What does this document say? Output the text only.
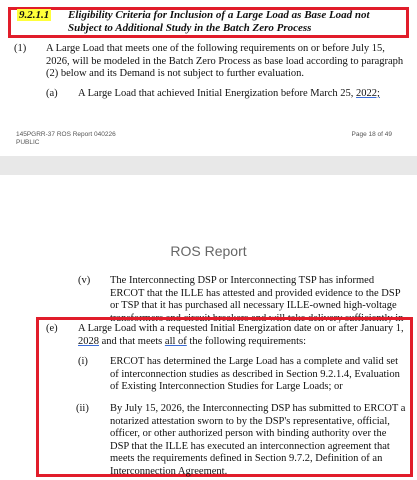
9.2.1.1 Eligibility Criteria for Inclusion of a Large Load as Base Load not Subject to Additional Study in the Batch Zero Process
(1) A Large Load that meets one of the following requirements on or before July 15, 2026, will be modeled in the Batch Zero Process as base load according to paragraph (2) below and its Demand is not subject to further evaluation.
(a) A Large Load that achieved Initial Energization before March 25, 2022;
145PGRR-37 ROS Report 040226
PUBLIC
Page 18 of 49
ROS Report
(v) The Interconnecting DSP or Interconnecting TSP has informed ERCOT that the ILLE has attested and provided evidence to the DSP or TSP that it has purchased all necessary ILLE-owned high-voltage transformers and circuit breakers and will take delivery sufficiently in
(e) A Large Load with a requested Initial Energization date on or after January 1, 2028 and that meets all of the following requirements:
(i) ERCOT has determined the Large Load has a complete and valid set of interconnection studies as described in Section 9.2.1.4, Evaluation of Existing Interconnection Studies for Large Loads; or
(ii) By July 15, 2026, the Interconnecting DSP has submitted to ERCOT a notarized attestation sworn to by the DSP's representative, official, officer, or other authorized person with binding authority over the DSP that the ILLE has executed an interconnection agreement that meets the requirements defined in Section 9.7.2, Definition of an Interconnection Agreement.
